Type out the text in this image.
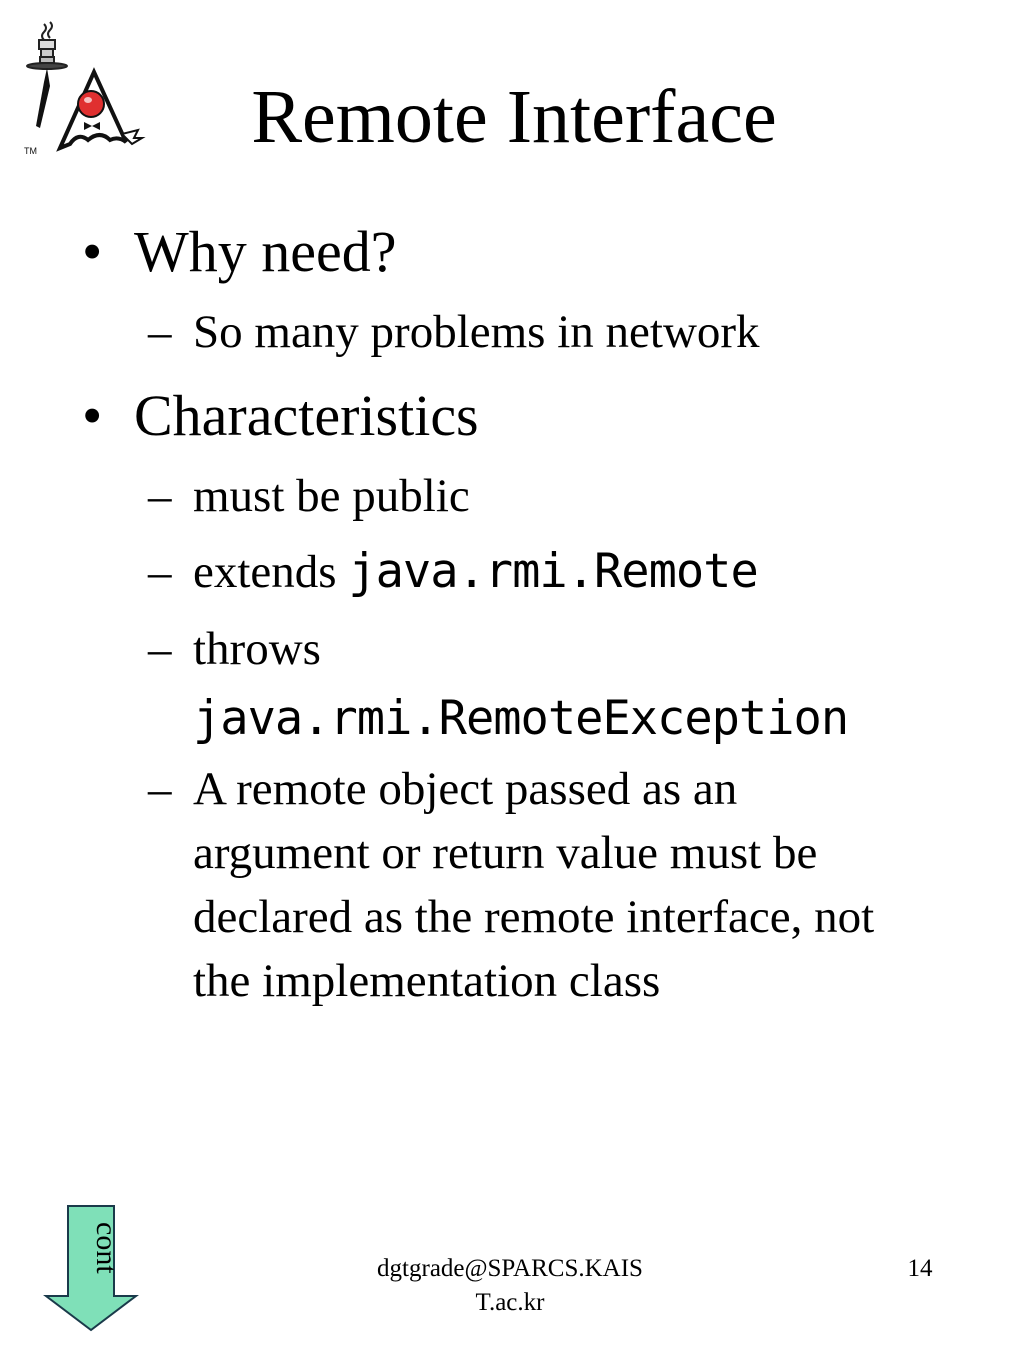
TM	Remote Interface
• Why need?
– So many problems in network
• Characteristics
– must be public
– extends java.rmi.Remote
– throws
java.rmi.RemoteException
– A remote object passed as an
argument or return value must be
declared as the remote interface, not
the implementation class
cont	dgtgrade@SPARCS.KAIS
T.ac.kr
14
